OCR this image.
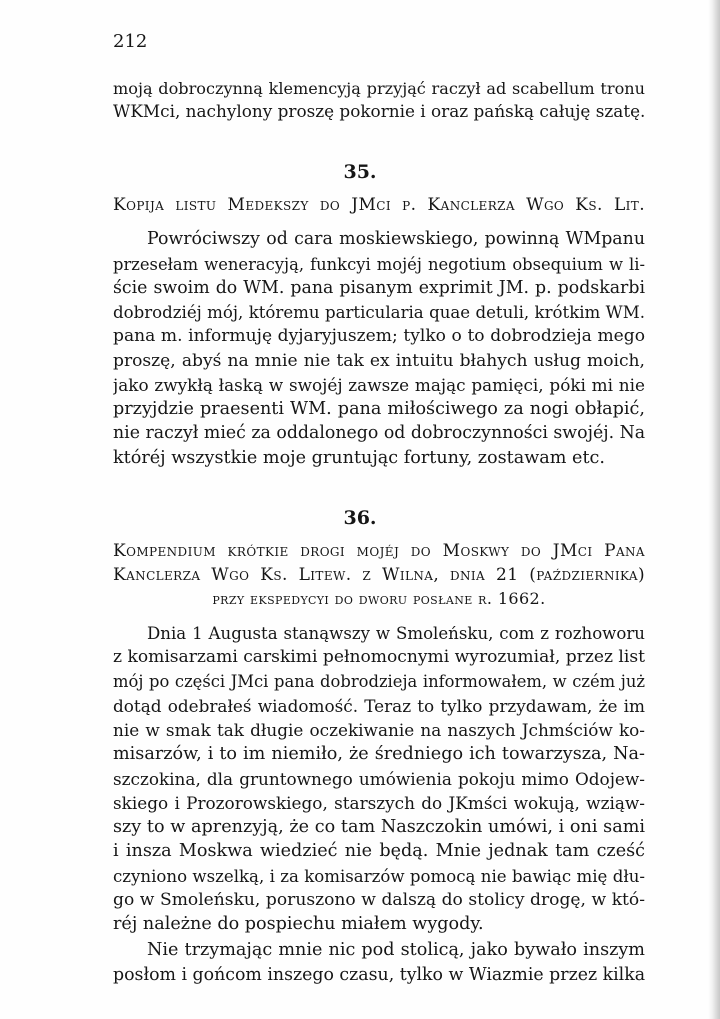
212
moją dobroczynną klemencyją przyjąć raczył ad scabellum tronu
WKMci, nachylony proszę pokornie i oraz pańską całuję szatę.
35.
Kopija listu Medekszy do JMci p. Kanclerza Wgo Ks. Lit.
Powróciwszy od cara moskiewskiego, powinną WMpanu
przesełam weneracyją, funkcyi mojéj negotium obsequium w li-
ście swoim do WM. pana pisanym exprimit JM. p. podskarbi
dobrodziéj mój, któremu particularia quae detuli, krótkim WM.
pana m. informuję dyjaryjuszem; tylko o to dobrodzieja mego
proszę, abyś na mnie nie tak ex intuitu błahych usług moich,
jako zwykłą łaską w swojéj zawsze mając pamięci, póki mi nie
przyjdzie praesenti WM. pana miłościwego za nogi obłapić,
nie raczył mieć za oddalonego od dobroczynności swojéj. Na
któréj wszystkie moje gruntując fortuny, zostawam etc.
36.
Kompendium krótkie drogi mojéj do Moskwy do JMci Pana
Kanclerza Wgo Ks. Litew. z Wilna, dnia 21 (października)
przy ekspedycyi do dworu posłane r. 1662.
Dnia 1 Augusta stanąwszy w Smoleńsku, com z rozhoworu
z komisarzami carskimi pełnomocnymi wyrozumiał, przez list
mój po części JMci pana dobrodzieja informowałem, w czém już
dotąd odebrałeś wiadomość. Teraz to tylko przydawam, że im
nie w smak tak długie oczekiwanie na naszych Jchmściów ko-
misarzów, i to im niemiło, że średniego ich towarzysza, Na-
szczokina, dla gruntownego umówienia pokoju mimo Odojew-
skiego i Prozorowskiego, starszych do JKmści wokują, wziąw-
szy to w aprenzyją, że co tam Naszczokin umówi, i oni sami
i insza Moskwa wiedzieć nie będą. Mnie jednak tam cześć
czyniono wszelką, i za komisarzów pomocą nie bawiąc mię dłu-
go w Smoleńsku, poruszono w dalszą do stolicy drogę, w któ-
réj należne do pospiechu miałem wygody.
Nie trzymając mnie nic pod stolicą, jako bywało inszym
posłom i gońcom inszego czasu, tylko w Wiazmie przez kilka
